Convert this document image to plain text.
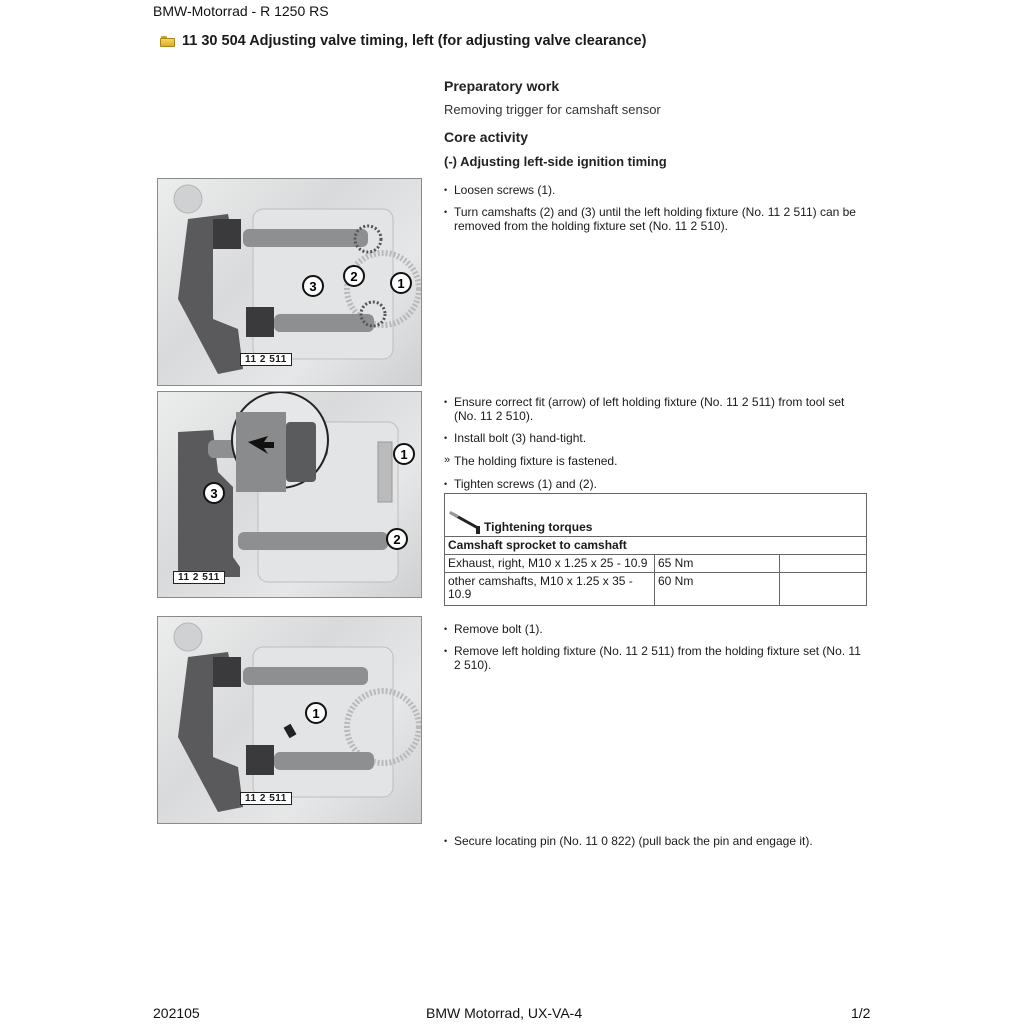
BMW-Motorrad - R 1250 RS
11 30 504 Adjusting valve timing, left (for adjusting valve clearance)
Preparatory work
Removing trigger for camshaft sensor
Core activity
(-) Adjusting left-side ignition timing
• Loosen screws (1).
• Turn camshafts (2) and (3) until the left holding fixture (No. 11 2 511) can be removed from the holding fixture set (No. 11 2 510).
• Ensure correct fit (arrow) of left holding fixture (No. 11 2 511) from tool set (No. 11 2 510).
• Install bolt (3) hand-tight.
» The holding fixture is fastened.
• Tighten screws (1) and (2).
Tightening torques		
Camshaft sprocket to camshaft		
Exhaust, right, M10 x 1.25 x 25 - 10.9	65 Nm	
other camshafts, M10 x 1.25 x 35 - 10.9	60 Nm	
• Remove bolt (1).
• Remove left holding fixture (No. 11 2 511) from the holding fixture set (No. 11 2 510).
• Secure locating pin (No. 11 0 822) (pull back the pin and engage it).
1
2
3
11 2 511
1
2
3
11 2 511
1
11 2 511
202105	BMW Motorrad, UX-VA-4	1/2
